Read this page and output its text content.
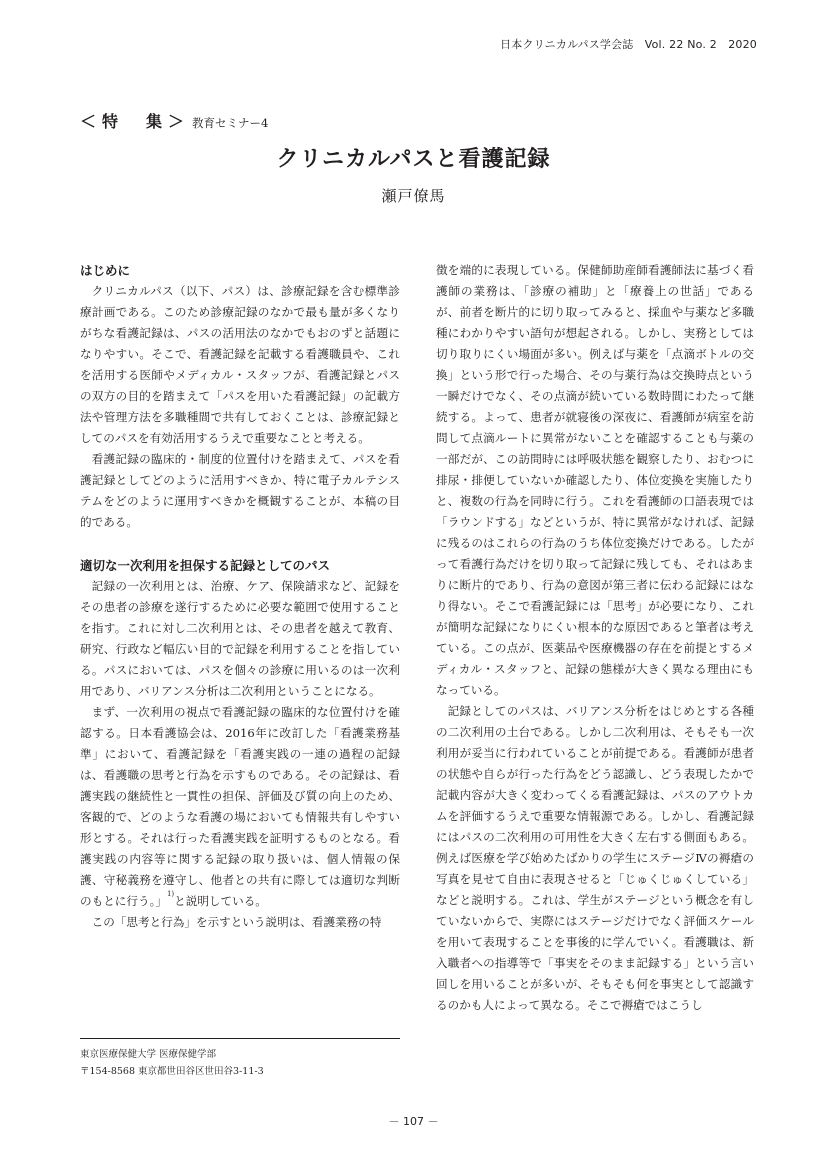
日本クリニカルパス学会誌　Vol. 22 No. 2　2020
＜特　集＞ 教育セミナー4
クリニカルパスと看護記録
瀬戸僚馬
はじめに

クリニカルパス（以下、パス）は、診療記録を含む標準診療計画である。このため診療記録のなかで最も量が多くなりがちな看護記録は、パスの活用法のなかでもおのずと話題になりやすい。そこで、看護記録を記載する看護職員や、これを活用する医師やメディカル・スタッフが、看護記録とパスの双方の目的を踏まえて「パスを用いた看護記録」の記載方法や管理方法を多職種間で共有しておくことは、診療記録としてのパスを有効活用するうえで重要なことと考える。

看護記録の臨床的・制度的位置付けを踏まえて、パスを看護記録としてどのように活用すべきか、特に電子カルテシステムをどのように運用すべきかを概観することが、本稿の目的である。

適切な一次利用を担保する記録としてのパス

記録の一次利用とは、治療、ケア、保険請求など、記録をその患者の診療を遂行するために必要な範囲で使用することを指す。これに対し二次利用とは、その患者を越えて教育、研究、行政など幅広い目的で記録を利用することを指している。パスにおいては、パスを個々の診療に用いるのは一次利用であり、バリアンス分析は二次利用ということになる。

まず、一次利用の視点で看護記録の臨床的な位置付けを確認する。日本看護協会は、2016年に改訂した「看護業務基準」において、看護記録を「看護実践の一連の過程の記録は、看護職の思考と行為を示すものである。その記録は、看護実践の継続性と一貫性の担保、評価及び質の向上のため、客観的で、どのような看護の場においても情報共有しやすい形とする。それは行った看護実践を証明するものとなる。看護実践の内容等に関する記録の取り扱いは、個人情報の保護、守秘義務を遵守し、他者との共有に際しては適切な判断のもとに行う。」$^{1)}$と説明している。

この「思考と行為」を示すという説明は、看護業務の特

徴を端的に表現している。保健師助産師看護師法に基づく看護師の業務は、「診療の補助」と「療養上の世話」であるが、前者を断片的に切り取ってみると、採血や与薬など多職種にわかりやすい語句が想起される。しかし、実務としては切り取りにくい場面が多い。例えば与薬を「点滴ボトルの交換」という形で行った場合、その与薬行為は交換時点という一瞬だけでなく、その点滴が続いている数時間にわたって継続する。よって、患者が就寝後の深夜に、看護師が病室を訪問して点滴ルートに異常がないことを確認することも与薬の一部だが、この訪問時には呼吸状態を観察したり、おむつに排尿・排便していないか確認したり、体位変換を実施したりと、複数の行為を同時に行う。これを看護師の口語表現では「ラウンドする」などというが、特に異常がなければ、記録に残るのはこれらの行為のうち体位変換だけである。したがって看護行為だけを切り取って記録に残しても、それはあまりに断片的であり、行為の意図が第三者に伝わる記録にはなり得ない。そこで看護記録には「思考」が必要になり、これが簡明な記録になりにくい根本的な原因であると筆者は考えている。この点が、医薬品や医療機器の存在を前提とするメディカル・スタッフと、記録の態様が大きく異なる理由にもなっている。

記録としてのパスは、バリアンス分析をはじめとする各種の二次利用の土台である。しかし二次利用は、そもそも一次利用が妥当に行われていることが前提である。看護師が患者の状態や自らが行った行為をどう認識し、どう表現したかで記載内容が大きく変わってくる看護記録は、パスのアウトカムを評価するうえで重要な情報源である。しかし、看護記録にはパスの二次利用の可用性を大きく左右する側面もある。例えば医療を学び始めたばかりの学生にステージⅣの褥瘡の写真を見せて自由に表現させると「じゅくじゅくしている」などと説明する。これは、学生がステージという概念を有していないからで、実際にはステージだけでなく評価スケールを用いて表現することを事後的に学んでいく。看護職は、新入職者への指導等で「事実をそのまま記録する」という言い回しを用いることが多いが、そもそも何を事実として認識するのかも人によって異なる。そこで褥瘡ではこうし

東京医療保健大学 医療保健学部
〒154-8568 東京都世田谷区世田谷3-11-3
－ 107 －
